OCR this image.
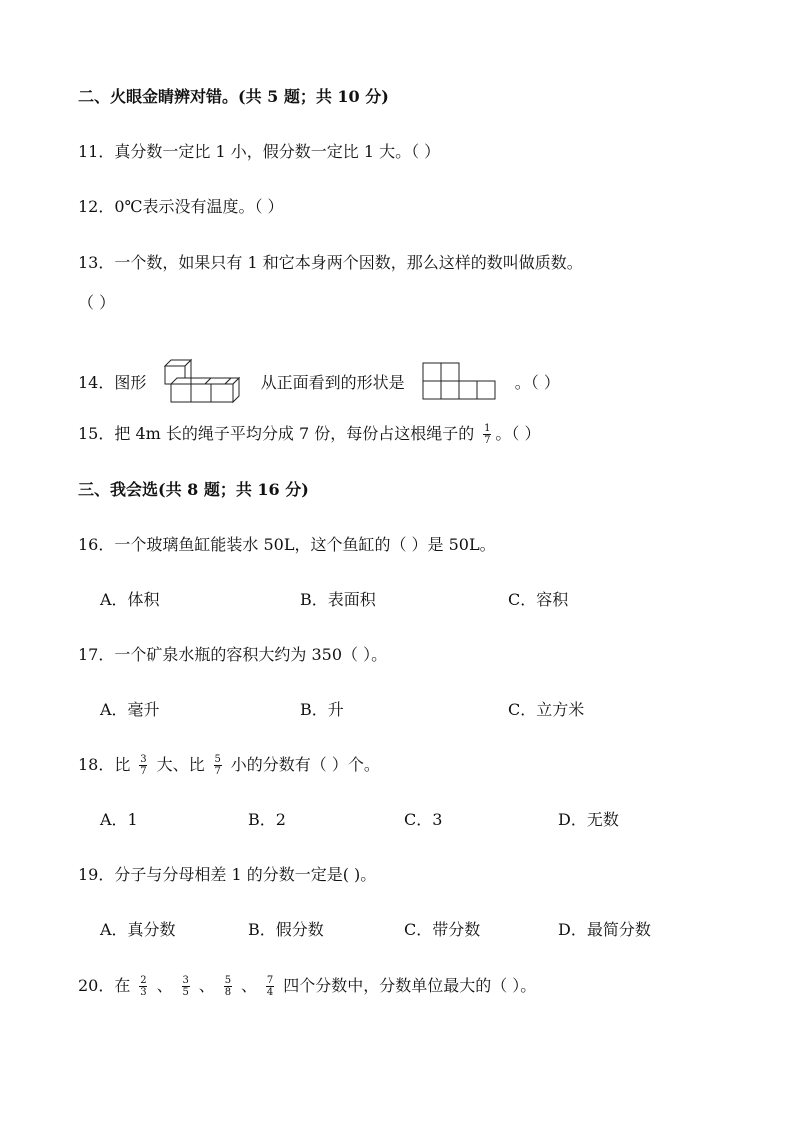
二、火眼金睛辨对错。(共 5 题；共 10 分)
11．真分数一定比 1 小，假分数一定比 1 大。（ ）
12．0℃表示没有温度。（ ）
13．一个数，如果只有 1 和它本身两个因数，那么这样的数叫做质数。
（ ）
14．图形	从正面看到的形状是	。（ ）
15．把 4m 长的绳子平均分成 7 份，每份占这根绳子的 $\frac{1}{7}$ 。（ ）
三、我会选(共 8 题；共 16 分)
16．一个玻璃鱼缸能装水 50L，这个鱼缸的（ ）是 50L。
A．体积	B．表面积	C．容积
17．一个矿泉水瓶的容积大约为 350（ ）。
A．毫升	B．升	C．立方米
18．比 $\frac{3}{7}$ 大、比 $\frac{5}{7}$ 小的分数有（ ）个。
A．1	B．2	C．3	D．无数
19．分子与分母相差 1 的分数一定是( )。
A．真分数	B．假分数	C．带分数	D．最简分数
20．在 $\frac{2}{3}$ 、 $\frac{3}{5}$ 、 $\frac{5}{8}$ 、 $\frac{7}{4}$ 四个分数中，分数单位最大的（ ）。
